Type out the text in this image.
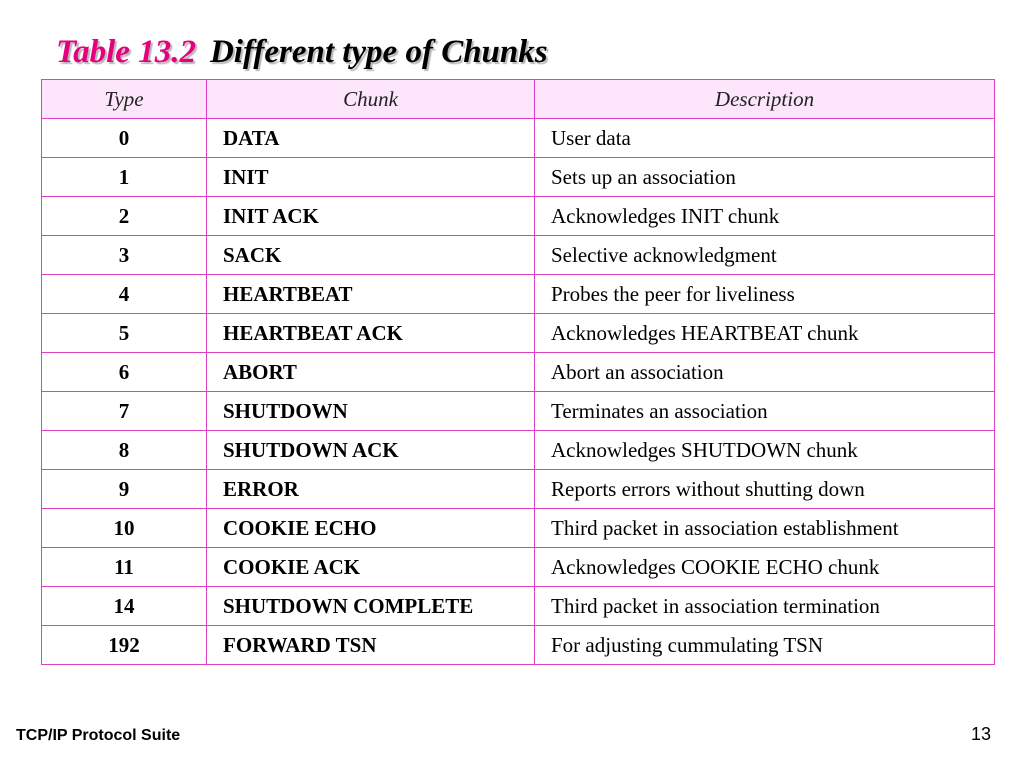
Table 13.2 Different type of Chunks
Type	Chunk	Description
0	DATA	User data
1	INIT	Sets up an association
2	INIT ACK	Acknowledges INIT chunk
3	SACK	Selective acknowledgment
4	HEARTBEAT	Probes the peer for liveliness
5	HEARTBEAT ACK	Acknowledges HEARTBEAT chunk
6	ABORT	Abort an association
7	SHUTDOWN	Terminates an association
8	SHUTDOWN ACK	Acknowledges SHUTDOWN chunk
9	ERROR	Reports errors without shutting down
10	COOKIE ECHO	Third packet in association establishment
11	COOKIE ACK	Acknowledges COOKIE ECHO chunk
14	SHUTDOWN COMPLETE	Third packet in association termination
192	FORWARD TSN	For adjusting cummulating TSN
TCP/IP Protocol Suite	13
